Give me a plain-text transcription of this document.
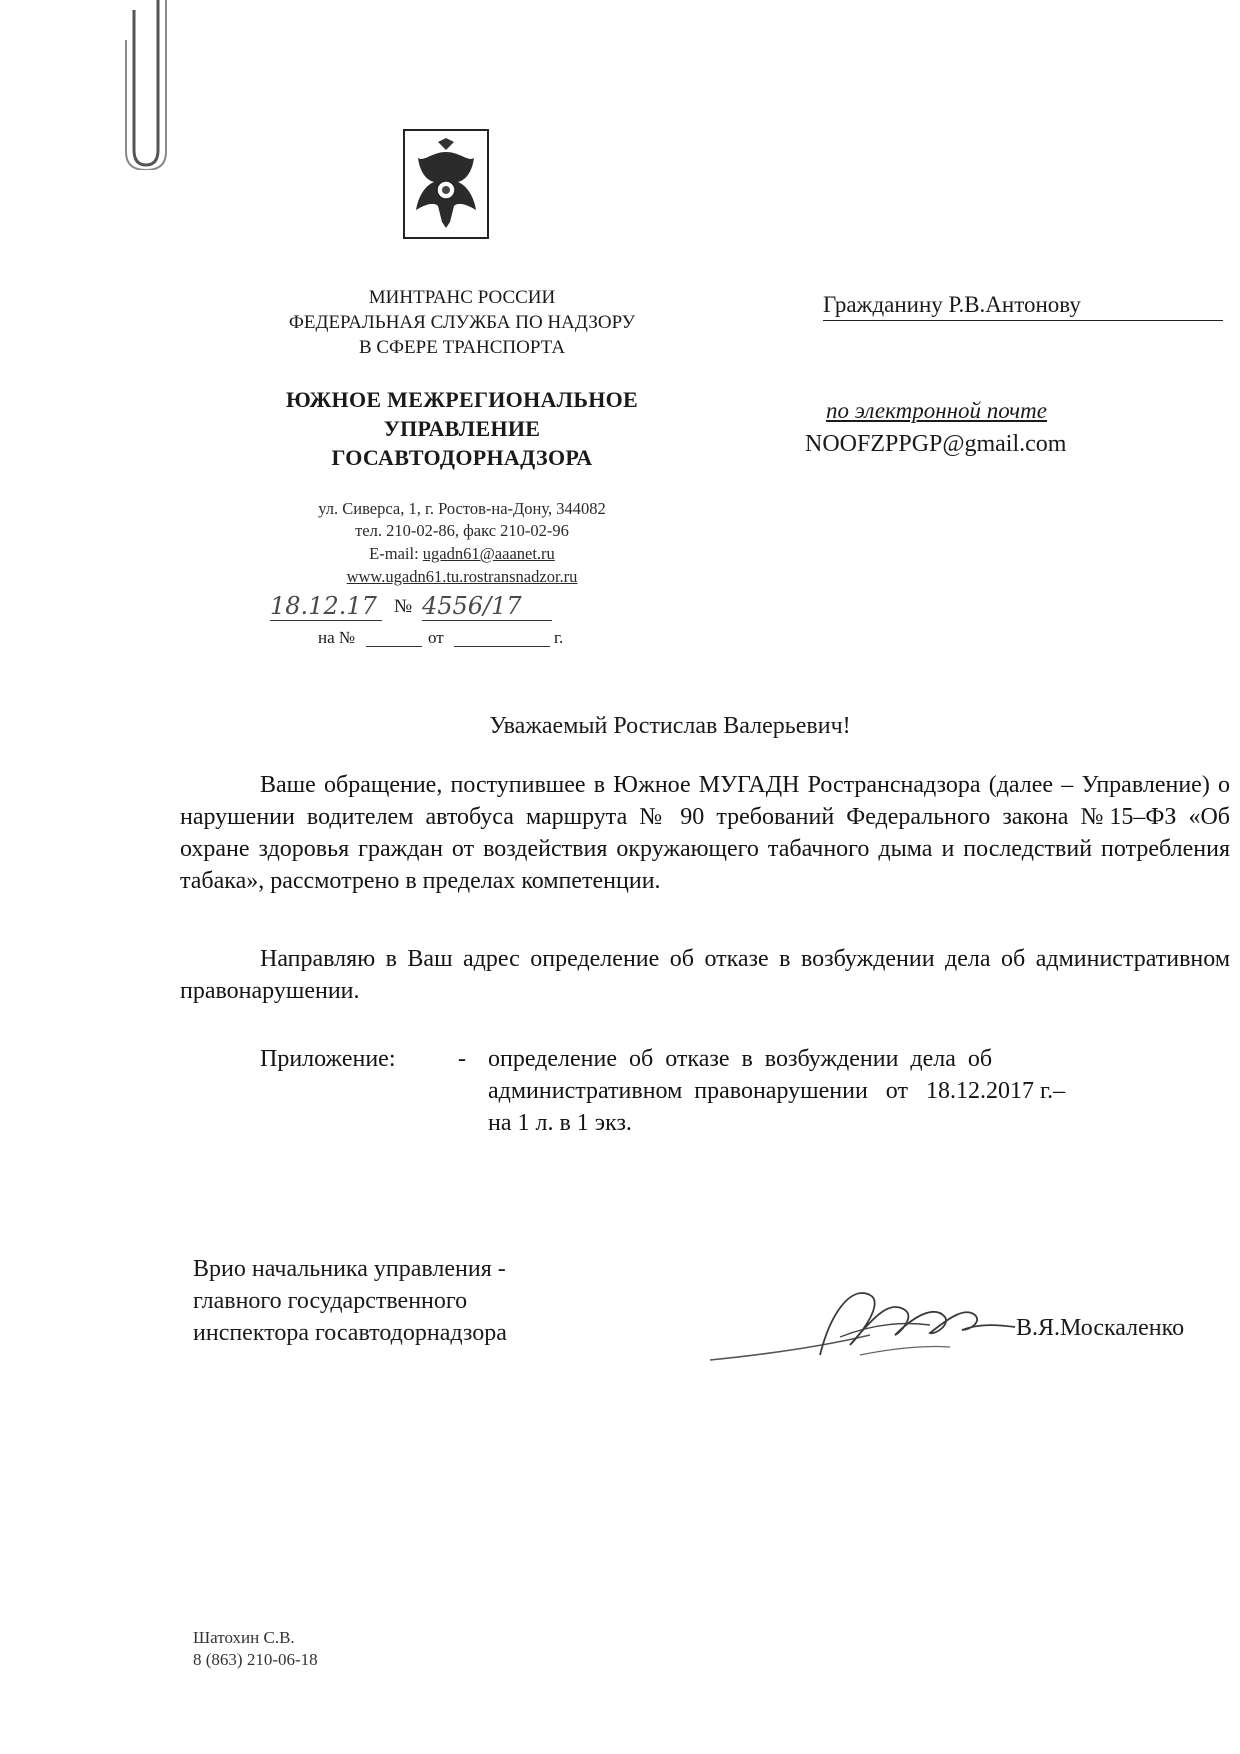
МИНТРАНС РОССИИ
ФЕДЕРАЛЬНАЯ СЛУЖБА ПО НАДЗОРУ
В СФЕРЕ ТРАНСПОРТА
ЮЖНОЕ МЕЖРЕГИОНАЛЬНОЕ
УПРАВЛЕНИЕ
ГОСАВТОДОРНАДЗОРА
ул. Сиверса, 1, г. Ростов-на-Дону, 344082
тел. 210-02-86, факс 210-02-96
E-mail: ugadn61@aaanet.ru
www.ugadn61.tu.rostransnadzor.ru
18.12.17 № 4556/17
на №	от	г.
Гражданину Р.В.Антонову
по электронной почте
NOOFZPPGP@gmail.com
Уважаемый Ростислав Валерьевич!
Ваше обращение, поступившее в Южное МУГАДН Ространснадзора (далее – Управление) о нарушении водителем автобуса маршрута № 90 требований Федерального закона №15–ФЗ «Об охране здоровья граждан от воздействия окружающего табачного дыма и последствий потребления табака», рассмотрено в пределах компетенции.
Направляю в Ваш адрес определение об отказе в возбуждении дела об административном правонарушении.
Приложение:	- определение  об  отказе  в  возбуждении  дела  об
административном  правонарушении   от   18.12.2017 г.–
на 1 л. в 1 экз.
Врио начальника управления -
главного государственного
инспектора госавтодорнадзора	В.Я.Москаленко
Шатохин С.В.
8 (863) 210-06-18
